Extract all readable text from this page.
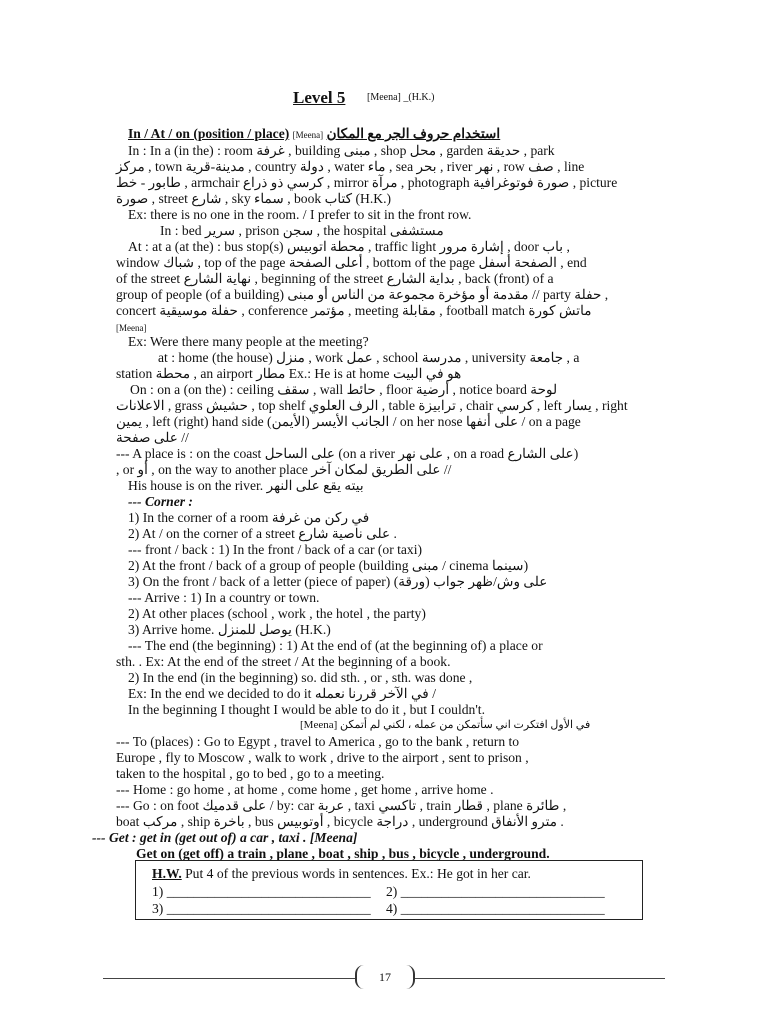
Level 5 [Meena] _(H.K.)
In / At / on (position / place) [Meena] استخدام حروف الجر مع المكان
In : In a (in the) : room غرفة , building مبنى , shop محل , garden حديقة , park
مركز , town مدينة-قرية , country دولة , water ماء , sea بحر , river نهر , row صف , line
طابور - خط , armchair كرسي ذو ذراع , mirror مرآة , photograph صورة فوتوغرافية , picture
صورة , street شارع , sky سماء , book كتاب (H.K.)
Ex: there is no one in the room. / I prefer to sit in the front row.
In : bed سرير , prison سجن , the hospital مستشفى
At : at a (at the) : bus stop(s) محطة اتوبيس , traffic light إشارة مرور , door باب ,
window شباك , top of the page أعلى الصفحة , bottom of the page الصفحة أسفل , end
of the street نهاية الشارع , beginning of the street بداية الشارع , back (front) of a
group of people (of a building) مقدمة أو مؤخرة مجموعة من الناس أو مبنى // party حفلة ,
concert حفلة موسيقية , conference مؤتمر , meeting مقابلة , football match ماتش كورة
[Meena]
Ex: Were there many people at the meeting?
at : home (the house) منزل , work عمل , school مدرسة , university جامعة , a
station محطة , an airport مطار Ex.: He is at home هو في البيت
On : on a (on the) : ceiling سقف , wall حائط , floor أرضية , notice board لوحة
الاعلانات , grass حشيش , top shelf الرف العلوي , table ترابيزة , chair كرسي , left يسار , right
يمين , left (right) hand side الجانب الأيسر (الأيمن) / on her nose على أنفها / on a page
على صفحة //
--- A place is : on the coast على الساحل (on a river على نهر , on a road على الشارع)
, or أو , on the way to another place على الطريق لمكان آخر //
His house is on the river. بيته يقع على النهر
--- Corner :
1) In the corner of a room في ركن من غرفة
2) At / on the corner of a street على ناصية شارع .
--- front / back : 1) In the front / back of a car (or taxi)
2) At the front / back of a group of people (building مبنى / cinema سينما)
3) On the front / back of a letter (piece of paper) على وش/ظهر جواب (ورقة)
--- Arrive : 1) In a country or town.
2) At other places (school , work , the hotel , the party)
3) Arrive home. يوصل للمنزل (H.K.)
--- The end (the beginning) : 1) At the end of (at the beginning of) a place or
sth. . Ex: At the end of the street / At the beginning of a book.
2) In the end (in the beginning) so. did sth. , or , sth. was done ,
Ex: In the end we decided to do it في الآخر قررنا نعمله /
In the beginning I thought I would be able to do it , but I couldn't.
[Meena] في الأول افتكرت اني سأتمكن من عمله ، لكني لم أتمكن
--- To (places) : Go to Egypt , travel to America , go to the bank , return to
Europe , fly to Moscow , walk to work , drive to the airport , sent to prison ,
taken to the hospital , go to bed , go to a meeting.
--- Home : go home , at home , come home , get home , arrive home .
--- Go : on foot على قدميك / by: car عربة , taxi تاكسي , train قطار , plane طائرة ,
boat مركب , ship باخرة , bus أوتوبيس , bicycle دراجة , underground مترو الأنفاق .
--- Get : get in (get out of) a car , taxi . [Meena]
Get on (get off) a train , plane , boat , ship , bus , bicycle , underground.
H.W. Put 4 of the previous words in sentences. Ex.: He got in her car.
1) ______________________________ 2) ______________________________
3) ______________________________ 4) ______________________________
17
